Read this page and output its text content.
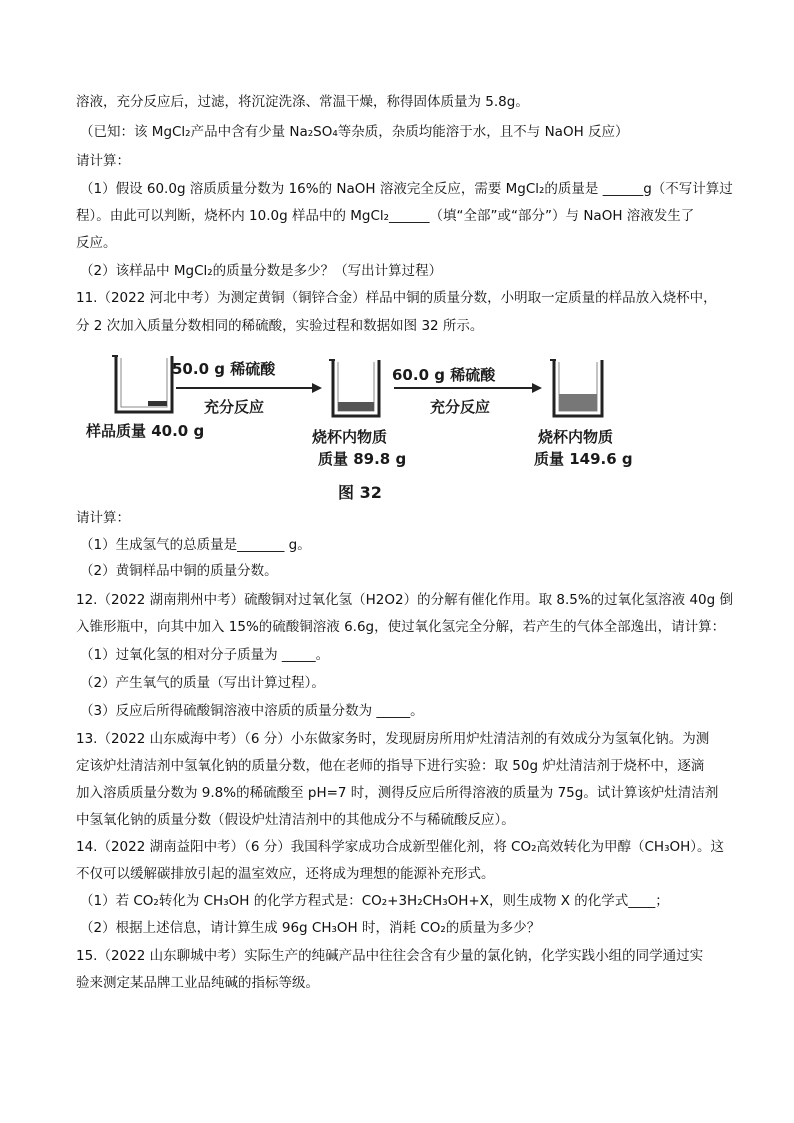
溶液，充分反应后，过滤，将沉淀洗涤、常温干燥，称得固体质量为 5.8g。
（已知：该 MgCl₂产品中含有少量 Na₂SO₄等杂质，杂质均能溶于水，且不与 NaOH 反应）
请计算：
（1）假设 60.0g 溶质质量分数为 16%的 NaOH 溶液完全反应，需要 MgCl₂的质量是 ______g（不写计算过
程）。由此可以判断，烧杯内 10.0g 样品中的 MgCl₂______（填“全部”或“部分”）与 NaOH 溶液发生了
反应。
（2）该样品中 MgCl₂的质量分数是多少？（写出计算过程）
11.（2022 河北中考）为测定黄铜（铜锌合金）样品中铜的质量分数，小明取一定质量的样品放入烧杯中，
分 2 次加入质量分数相同的稀硫酸，实验过程和数据如图 32 所示。
50.0 g 稀硫酸
充分反应
60.0 g 稀硫酸
充分反应
样品质量 40.0 g	烧杯内物质
质量 89.8 g
烧杯内物质
质量 149.6 g
图 32
请计算：
（1）生成氢气的总质量是_______ g。
（2）黄铜样品中铜的质量分数。
12.（2022 湖南荆州中考）硫酸铜对过氧化氢（H2O2）的分解有催化作用。取 8.5%的过氧化氢溶液 40g 倒
入锥形瓶中，向其中加入 15%的硫酸铜溶液 6.6g，使过氧化氢完全分解，若产生的气体全部逸出，请计算：
（1）过氧化氢的相对分子质量为 _____。
（2）产生氧气的质量（写出计算过程）。
（3）反应后所得硫酸铜溶液中溶质的质量分数为 _____。
13.（2022 山东威海中考）（6 分）小东做家务时，发现厨房所用炉灶清洁剂的有效成分为氢氧化钠。为测
定该炉灶清洁剂中氢氧化钠的质量分数，他在老师的指导下进行实验：取 50g 炉灶清洁剂于烧杯中，逐滴
加入溶质质量分数为 9.8%的稀硫酸至 pH=7 时，测得反应后所得溶液的质量为 75g。试计算该炉灶清洁剂
中氢氧化钠的质量分数（假设炉灶清洁剂中的其他成分不与稀硫酸反应）。
14.（2022 湖南益阳中考）（6 分）我国科学家成功合成新型催化剂，将 CO₂高效转化为甲醇（CH₃OH）。这
不仅可以缓解碳排放引起的温室效应，还将成为理想的能源补充形式。
（1）若 CO₂转化为 CH₃OH 的化学方程式是：CO₂+3H₂CH₃OH+X，则生成物 X 的化学式____；
（2）根据上述信息，请计算生成 96g CH₃OH 时，消耗 CO₂的质量为多少？
15.（2022 山东聊城中考）实际生产的纯碱产品中往往会含有少量的氯化钠，化学实践小组的同学通过实
验来测定某品牌工业品纯碱的指标等级。
